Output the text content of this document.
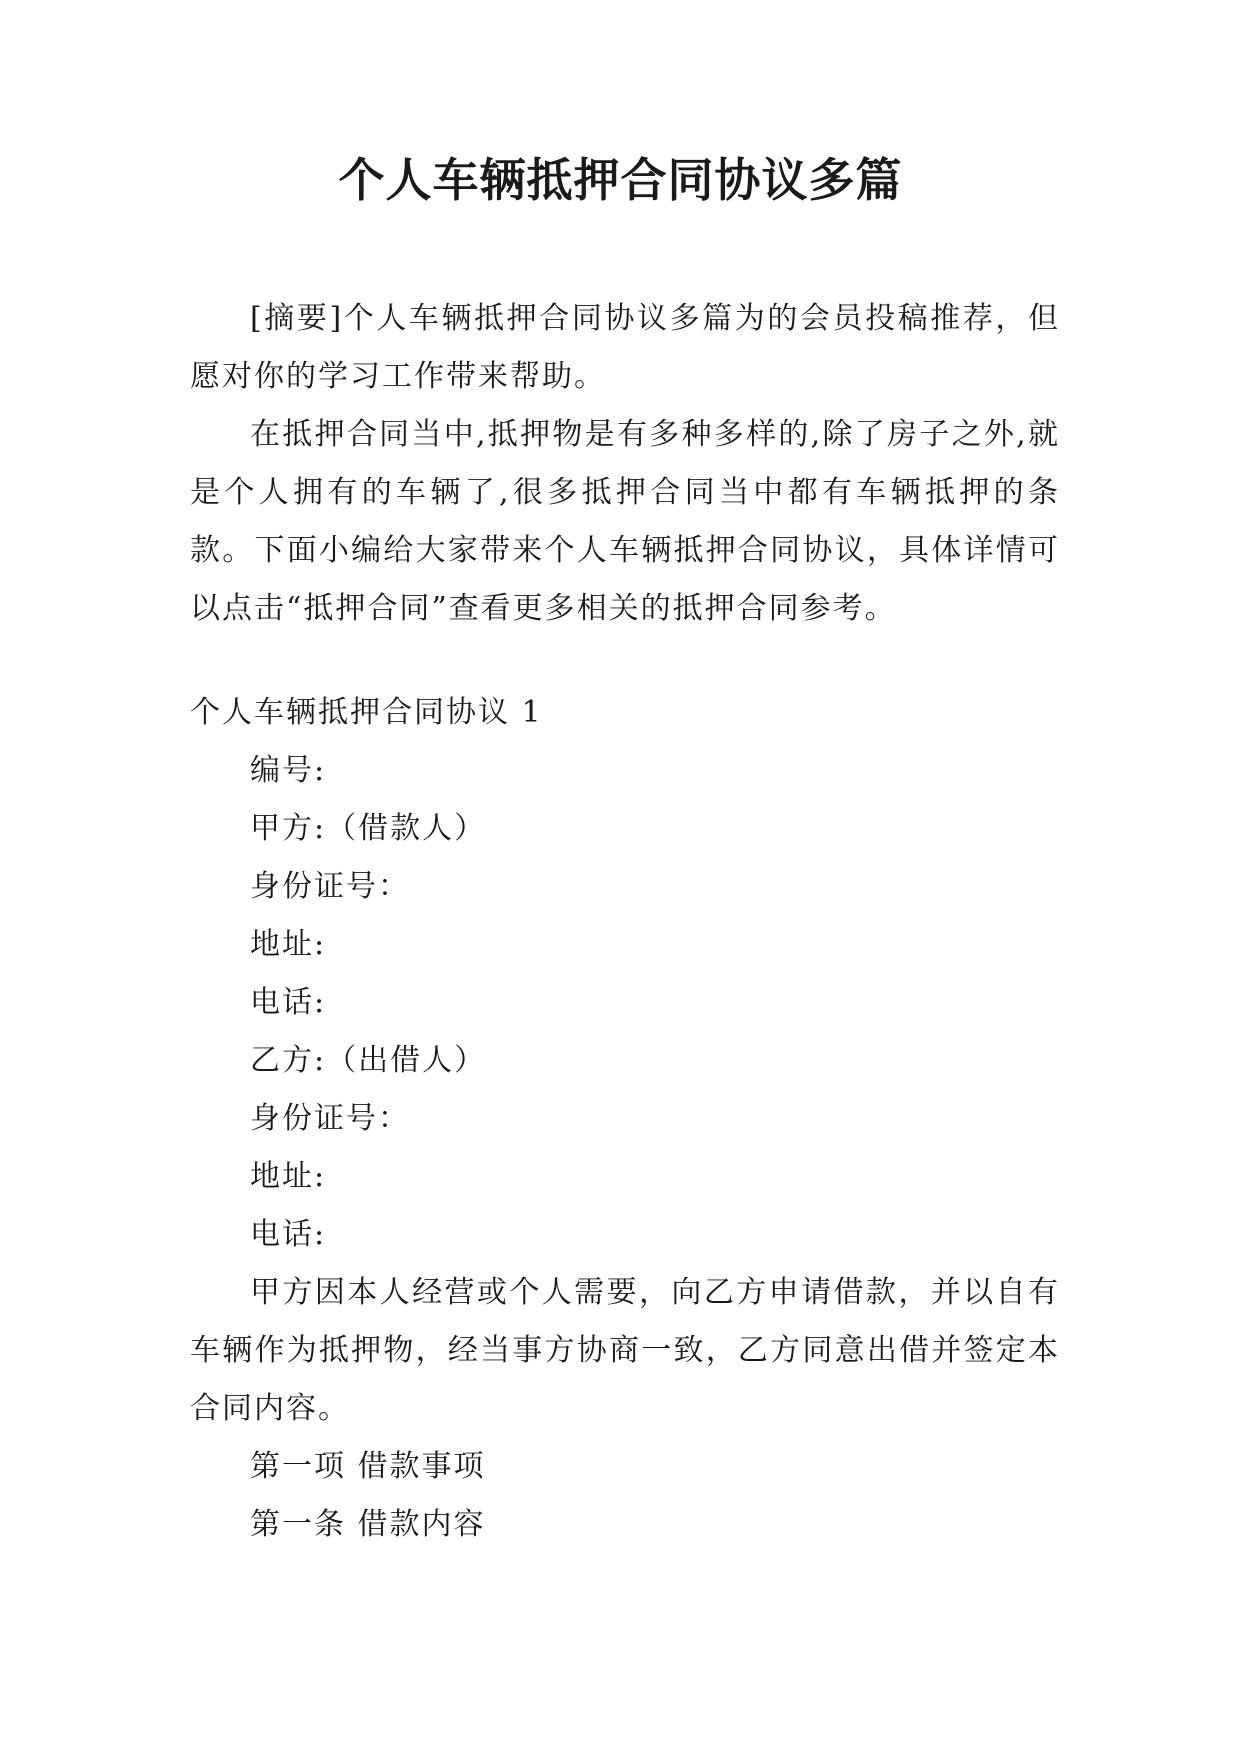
个人车辆抵押合同协议多篇

[摘要]个人车辆抵押合同协议多篇为的会员投稿推荐，但愿对你的学习工作带来帮助。

在抵押合同当中,抵押物是有多种多样的,除了房子之外,就是个人拥有的车辆了,很多抵押合同当中都有车辆抵押的条款。下面小编给大家带来个人车辆抵押合同协议，具体详情可以点击“抵押合同”查看更多相关的抵押合同参考。

个人车辆抵押合同协议 1

编号:

甲方:（借款人）

身份证号：

地址:

电话:

乙方:（出借人）

身份证号：

地址:

电话:

甲方因本人经营或个人需要，向乙方申请借款，并以自有车辆作为抵押物，经当事方协商一致，乙方同意出借并签定本合同内容。

第一项 借款事项

第一条 借款内容
